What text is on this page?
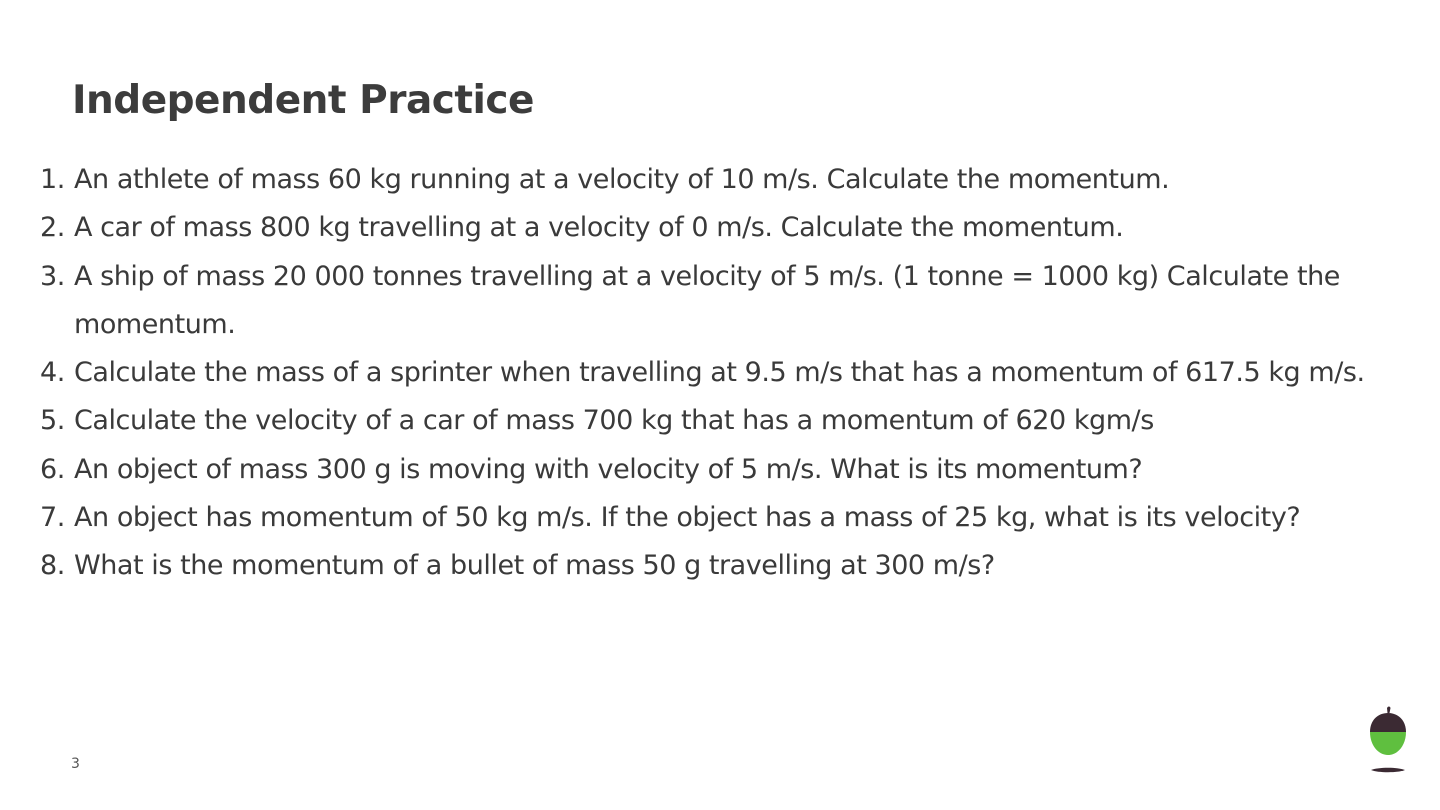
Independent Practice
1. An athlete of mass 60 kg running at a velocity of 10 m/s. Calculate the momentum.
2. A car of mass 800 kg travelling at a velocity of 0 m/s. Calculate the momentum.
3. A ship of mass 20 000 tonnes travelling at a velocity of 5 m/s. (1 tonne = 1000 kg) Calculate the momentum.
4. Calculate the mass of a sprinter when travelling at 9.5 m/s that has a momentum of 617.5 kg m/s.
5. Calculate the velocity of a car of mass 700 kg that has a momentum of 620 kgm/s
6. An object of mass 300 g is moving with velocity of 5 m/s. What is its momentum?
7. An object has momentum of 50 kg m/s. If the object has a mass of 25 kg, what is its velocity?
8. What is the momentum of a bullet of mass 50 g travelling at 300 m/s?
3
